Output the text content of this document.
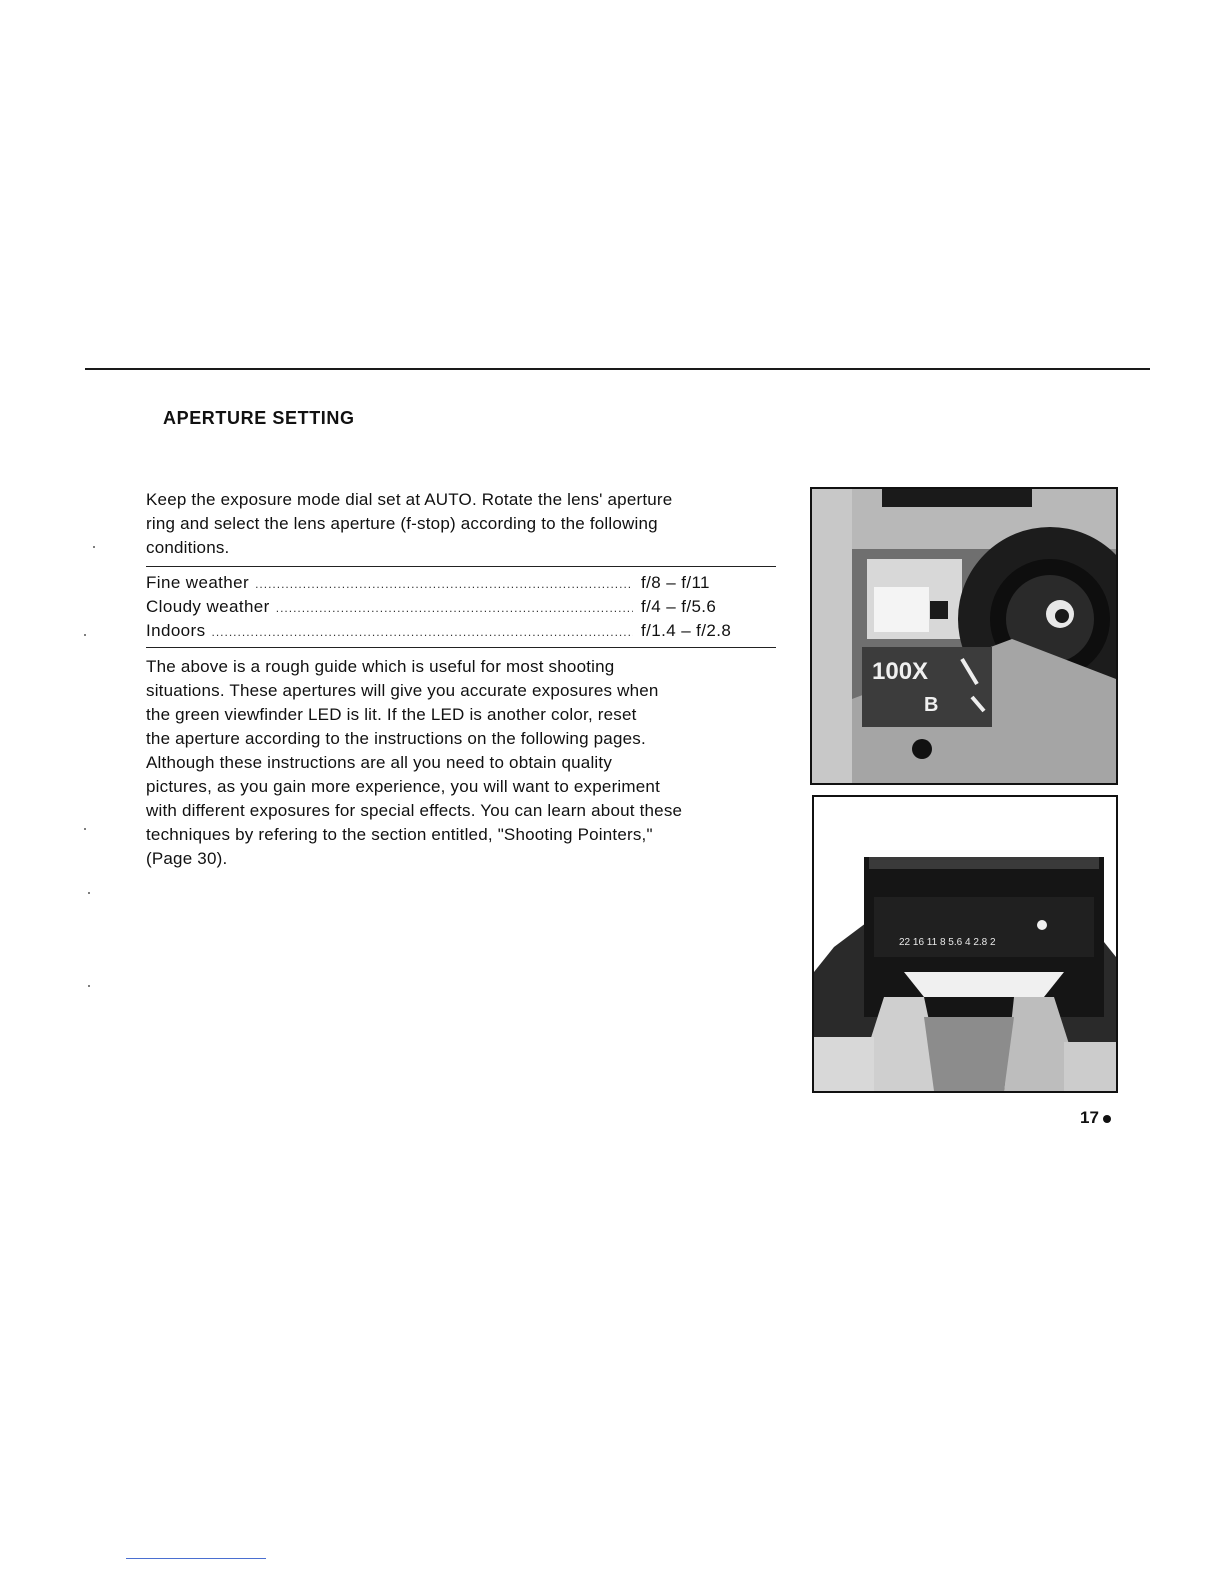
APERTURE SETTING

Keep the exposure mode dial set at AUTO. Rotate the lens' aperture

ring and select the lens aperture (f-stop) according to the following

conditions.

Fine weather .....	f/8 – f/11
Cloudy weather .....	f/4 – f/5.6
Indoors .....	f/1.4 – f/2.8

The above is a rough guide which is useful for most shooting

situations. These apertures will give you accurate exposures when

the green viewfinder LED is lit. If the LED is another color, reset

the aperture according to the instructions on the following pages.

Although these instructions are all you need to obtain quality

pictures, as you gain more experience, you will want to experiment

with different exposures for special effects. You can learn about these

techniques by refering to the section entitled, "Shooting Pointers,"

(Page 30).

100X
B
22 16 11 8 5.6 4 2.8 2
17
